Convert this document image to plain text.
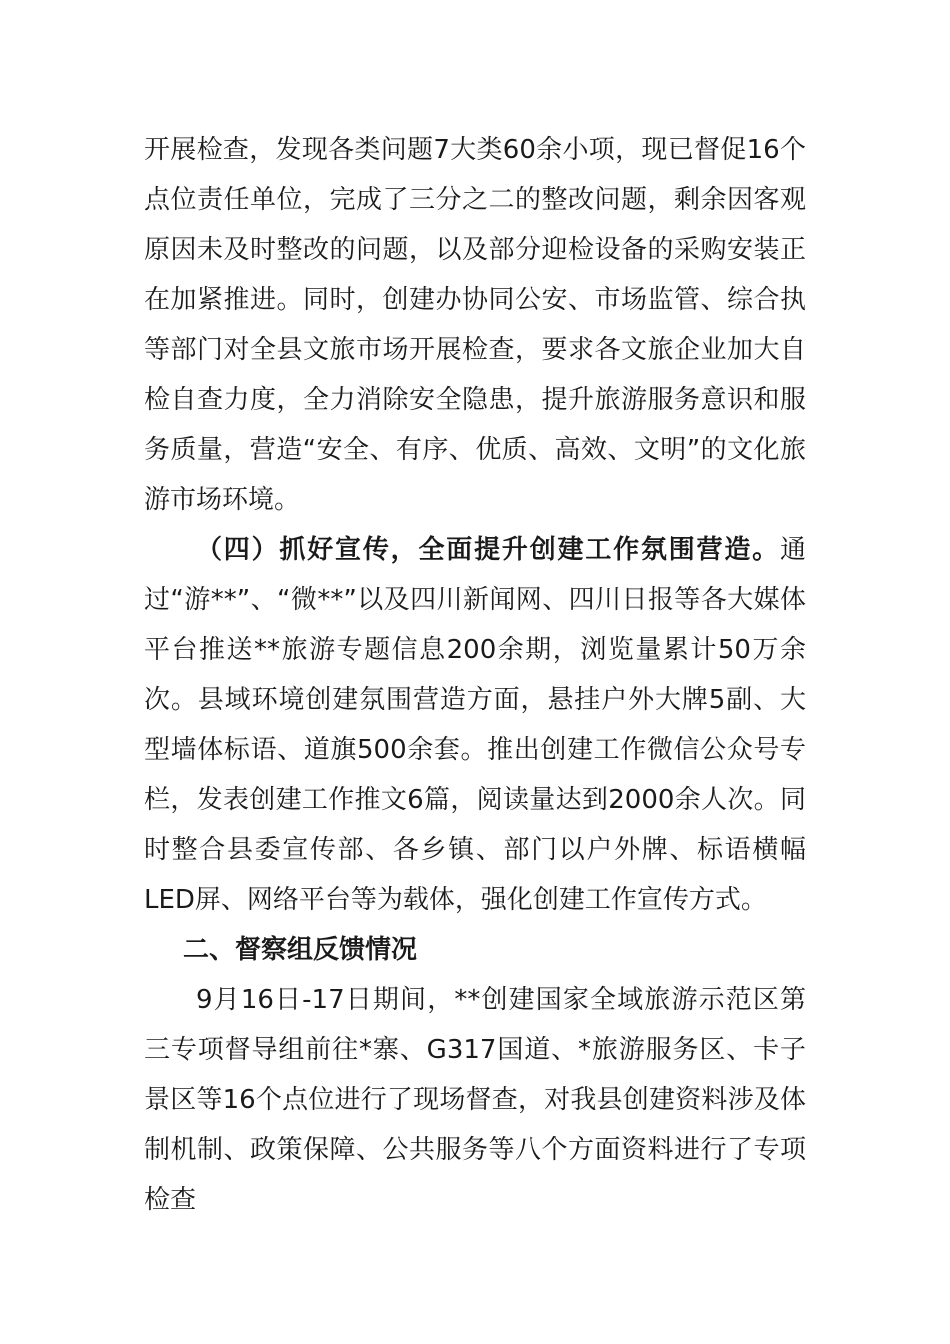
开展检查，发现各类问题7大类60余小项，现已督促16个点位责任单位，完成了三分之二的整改问题，剩余因客观原因未及时整改的问题，以及部分迎检设备的采购安装正在加紧推进。同时，创建办协同公安、市场监管、综合执等部门对全县文旅市场开展检查，要求各文旅企业加大自检自查力度，全力消除安全隐患，提升旅游服务意识和服务质量，营造“安全、有序、优质、高效、文明”的文化旅游市场环境。

（四）抓好宣传，全面提升创建工作氛围营造。通过“游**”、“微**”以及四川新闻网、四川日报等各大媒体平台推送**旅游专题信息200余期，浏览量累计50万余次。县域环境创建氛围营造方面，悬挂户外大牌5副、大型墙体标语、道旗500余套。推出创建工作微信公众号专栏，发表创建工作推文6篇，阅读量达到2000余人次。同时整合县委宣传部、各乡镇、部门以户外牌、标语横幅LED屏、网络平台等为载体，强化创建工作宣传方式。

二、督察组反馈情况

9月16日-17日期间，**创建国家全域旅游示范区第三专项督导组前往*寨、G317国道、*旅游服务区、卡子景区等16个点位进行了现场督查，对我县创建资料涉及体制机制、政策保障、公共服务等八个方面资料进行了专项检查
